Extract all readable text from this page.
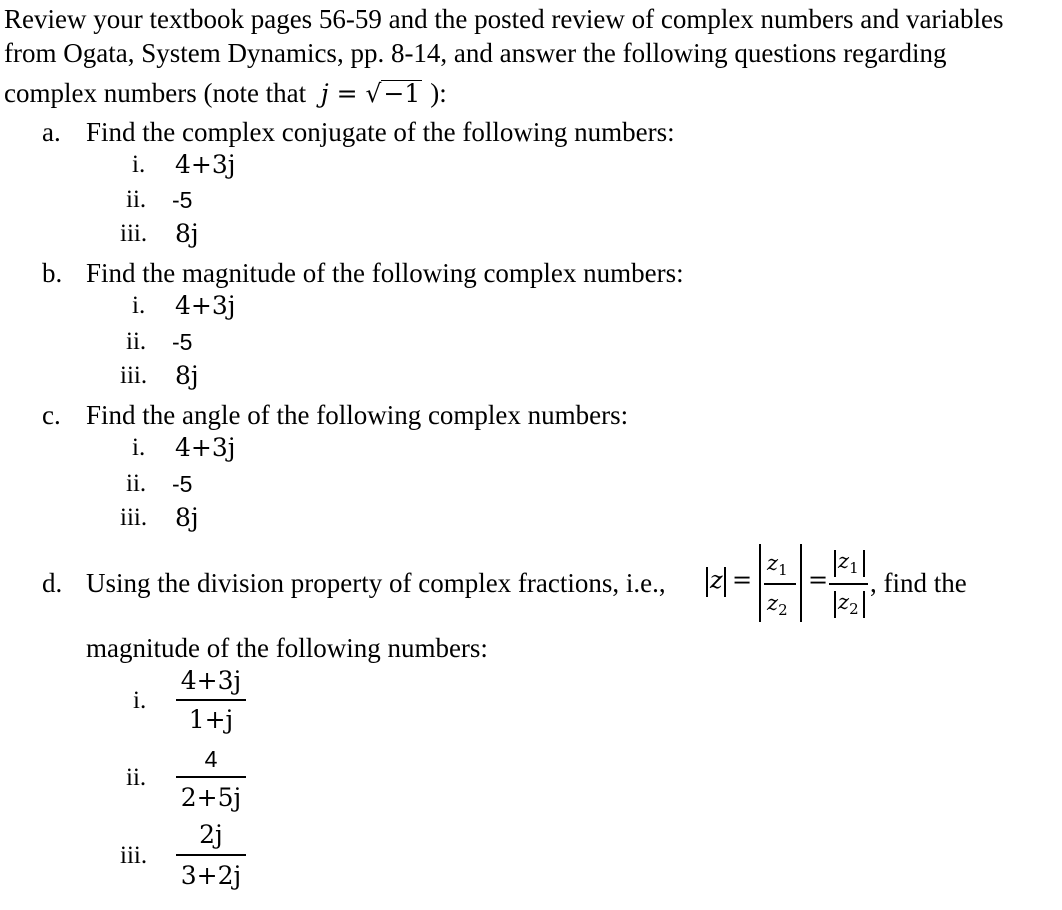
Review your textbook pages 56-59 and the posted review of complex numbers and variables
from Ogata, System Dynamics, pp. 8-14, and answer the following questions regarding
complex numbers (note that j = √−1 ):
a. Find the complex conjugate of the following numbers:
i. 4+3j
ii. -5
iii. 8j
b. Find the magnitude of the following complex numbers:
i. 4+3j
ii. -5
iii. 8j
c. Find the angle of the following complex numbers:
i. 4+3j
ii. -5
iii. 8j
d. Using the division property of complex fractions, i.e., z =
$z_1$
$z_2$
=
$z_1$
$z_2$
, find the
magnitude of the following numbers:
i.
4+3j
1+j
ii.
4
2+5j
iii.
2j
3+2j
